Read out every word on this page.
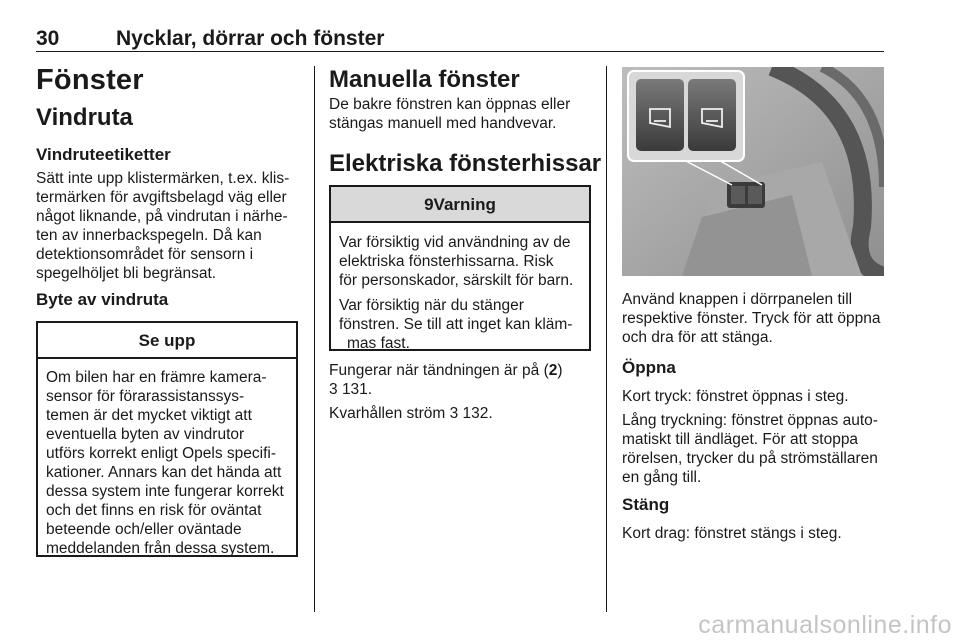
30	Nycklar, dörrar och fönster
Fönster
Vindruta
Vindruteetiketter
Sätt inte upp klistermärken, t.ex. klis-
termärken för avgiftsbelagd väg eller
något liknande, på vindrutan i närhe-
ten av innerbackspegeln. Då kan
detektionsområdet för sensorn i
spegelhöljet bli begränsat.
Byte av vindruta
Se upp
Om bilen har en främre kamera-
sensor för förarassistanssys-
temen är det mycket viktigt att
eventuella byten av vindrutor
utförs korrekt enligt Opels specifi-
kationer. Annars kan det hända att
dessa system inte fungerar korrekt
och det finns en risk för oväntat
beteende och/eller oväntade
meddelanden från dessa system.
Manuella fönster
De bakre fönstren kan öppnas eller
stängas manuell med handvevar.
Elektriska fönsterhissar
9Varning
Var försiktig vid användning av de
elektriska fönsterhissarna. Risk
för personskador, särskilt för barn.
Var försiktig när du stänger
fönstren. Se till att inget kan kläm-
mas fast.
Fungerar när tändningen är på (2)
3 131.
Kvarhållen ström 3 132.
Använd knappen i dörrpanelen till
respektive fönster. Tryck för att öppna
och dra för att stänga.
Öppna
Kort tryck: fönstret öppnas i steg.
Lång tryckning: fönstret öppnas auto-
matiskt till ändläget. För att stoppa
rörelsen, trycker du på strömställaren
en gång till.
Stäng
Kort drag: fönstret stängs i steg.
carmanualsonline.info
